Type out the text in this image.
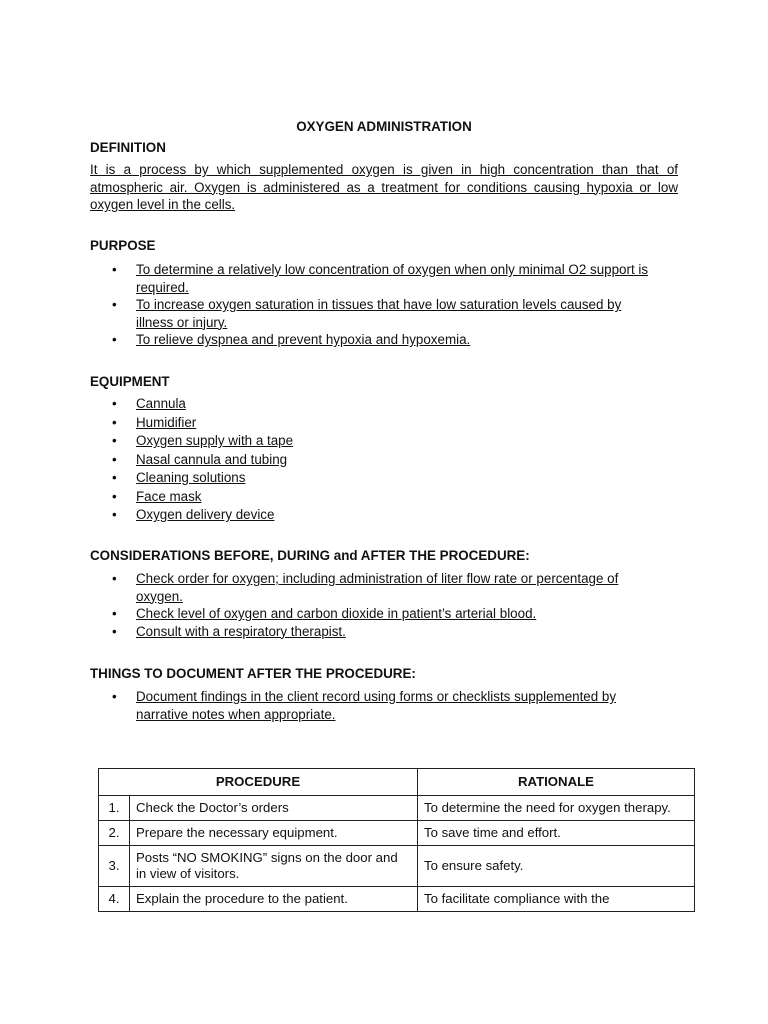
OXYGEN ADMINISTRATION
DEFINITION
It is a process by which supplemented oxygen is given in high concentration than that of atmospheric air. Oxygen is administered as a treatment for conditions causing hypoxia or low oxygen level in the cells.
PURPOSE
• To determine a relatively low concentration of oxygen when only minimal O2 support is required.
• To increase oxygen saturation in tissues that have low saturation levels caused by illness or injury.
• To relieve dyspnea and prevent hypoxia and hypoxemia.
EQUIPMENT
• Cannula
• Humidifier
• Oxygen supply with a tape
• Nasal cannula and tubing
• Cleaning solutions
• Face mask
• Oxygen delivery device
CONSIDERATIONS BEFORE, DURING and AFTER THE PROCEDURE:
• Check order for oxygen; including administration of liter flow rate or percentage of oxygen.
• Check level of oxygen and carbon dioxide in patient’s arterial blood.
• Consult with a respiratory therapist.
THINGS TO DOCUMENT AFTER THE PROCEDURE:
• Document findings in the client record using forms or checklists supplemented by narrative notes when appropriate.
PROCEDURE		RATIONALE
1.	Check the Doctor’s orders	To determine the need for oxygen therapy.
2.	Prepare the necessary equipment.	To save time and effort.
3.	Posts “NO SMOKING” signs on the door and in view of visitors.	To ensure safety.
4.	Explain the procedure to the patient.	To facilitate compliance with the
